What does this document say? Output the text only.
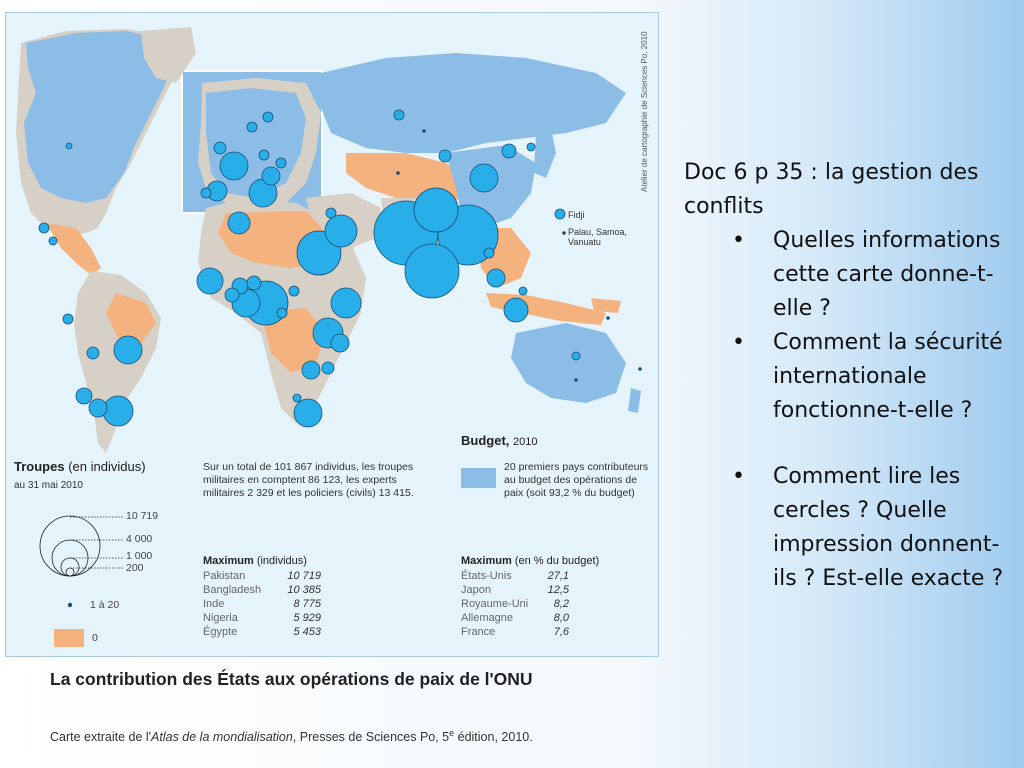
Atelier de cartographie de Sciences Po, 2010
Fidji
Palau, Samoa, Vanuatu
Troupes (en individus)
au 31 mai 2010
10 719
4 000
1 000
200
1 à 20
0
Sur un total de 101 867 individus, les troupes militaires en comptent 86 123, les experts militaires 2 329 et les policiers (civils) 13 415.
Maximum (individus)
Pakistan	10 719
Bangladesh	10 385
Inde	8 775
Nigeria	5 929
Égypte	5 453
Budget, 2010
20 premiers pays contributeurs au budget des opérations de paix (soit 93,2 % du budget)
Maximum (en % du budget)
États-Unis	27,1
Japon	12,5
Royaume-Uni	8,2
Allemagne	8,0
France	7,6
La contribution des États aux opérations de paix de l'ONU
Carte extraite de l'Atlas de la mondialisation, Presses de Sciences Po, 5e édition, 2010.

Doc 6 p 35 : la gestion des conflits

• Quelles informations cette carte donne-t-elle ?
• Comment la sécurité internationale fonctionne-t-elle ?
• Comment lire les cercles ? Quelle impression donnent-ils ? Est-elle exacte ?
